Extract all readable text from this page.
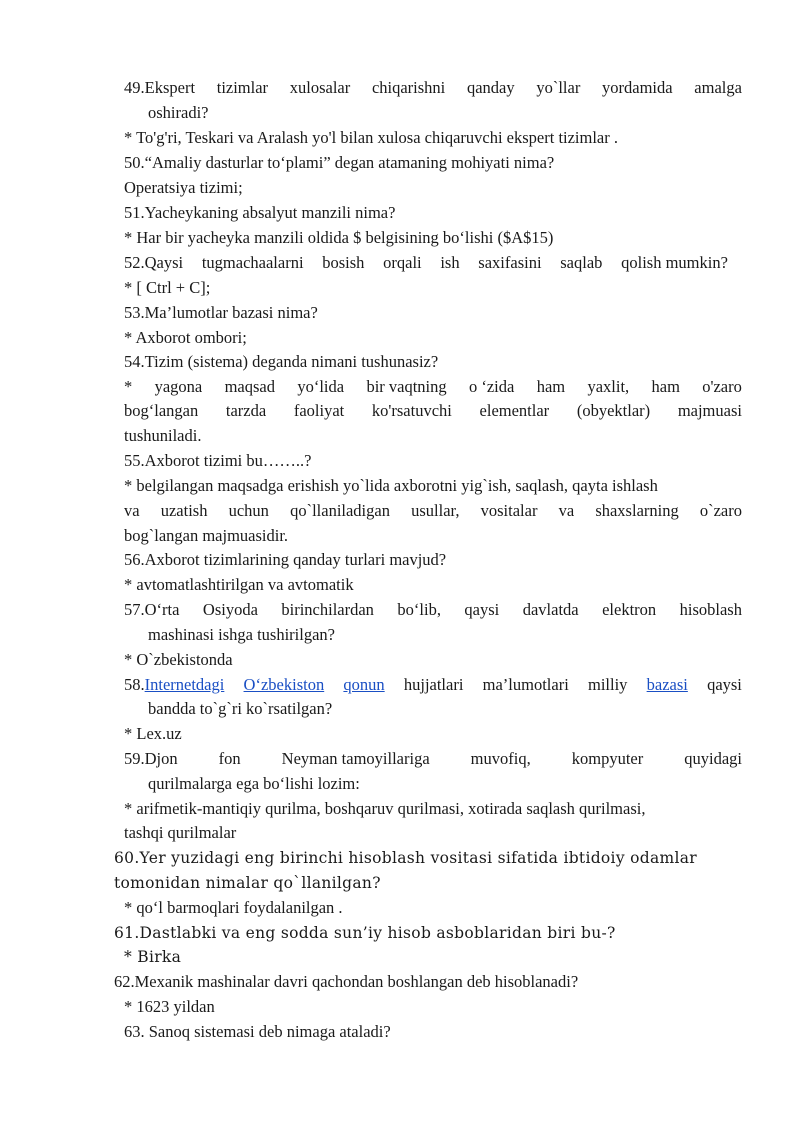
49.Ekspert tizimlar xulosalar chiqarishni qanday yo`llar yordamida amalga
oshiradi?
* To'g'ri, Teskari va Aralash yo'l bilan xulosa chiqaruvchi ekspert tizimlar .
50.“Amaliy dasturlar to‘plami” degan atamaning mohiyati nima?
Operatsiya tizimi;
51.Yacheykaning absalyut manzili nima?
* Har bir yacheyka manzili oldida $ belgisining bo‘lishi ($A$15)
52.Qaysi tugmachaalarni bosish orqali ish saxifasini saqlab qolish mumkin?
* [ Ctrl + C];
53.Ma’lumotlar bazasi nima?
* Axborot ombori;
54.Tizim (sistema) deganda nimani tushunasiz?
* yagona maqsad yo‘lida bir vaqtning o ‘zida ham yaxlit, ham o'zaro
bog‘langan tarzda faoliyat ko'rsatuvchi elementlar (obyektlar) majmuasi
tushuniladi.
55.Axborot tizimi bu……..?
* belgilangan maqsadga erishish yo`lida axborotni yig`ish, saqlash, qayta ishlash
va uzatish uchun qo`llaniladigan usullar, vositalar va shaxslarning o`zaro
bog`langan majmuasidir.
56.Axborot tizimlarining qanday turlari mavjud?
* avtomatlashtirilgan va avtomatik
57.O‘rta Osiyoda birinchilardan bo‘lib, qaysi davlatda elektron hisoblash
mashinasi ishga tushirilgan?
* O`zbekistonda
58.Internetdagi O‘zbekiston qonun hujjatlari ma’lumotlari milliy bazasi qaysi
bandda to`g`ri ko`rsatilgan?
* Lex.uz
59.Djon fon Neyman tamoyillariga muvofiq, kompyuter quyidagi
qurilmalarga ega bo‘lishi lozim:
* arifmetik-mantiqiy qurilma, boshqaruv qurilmasi, xotirada saqlash qurilmasi,
tashqi qurilmalar
60.Yer yuzidagi eng birinchi hisoblash vositasi sifatida ibtidoiy odamlar
tomonidan nimalar qo`llanilgan?
* qo‘l barmoqlari foydalanilgan .
61.Dastlabki va eng sodda sun’iy hisob asboblaridan biri bu-?
* Birka
62.Mexanik mashinalar davri qachondan boshlangan deb hisoblanadi?
* 1623 yildan
63. Sanoq sistemasi deb nimaga ataladi?
